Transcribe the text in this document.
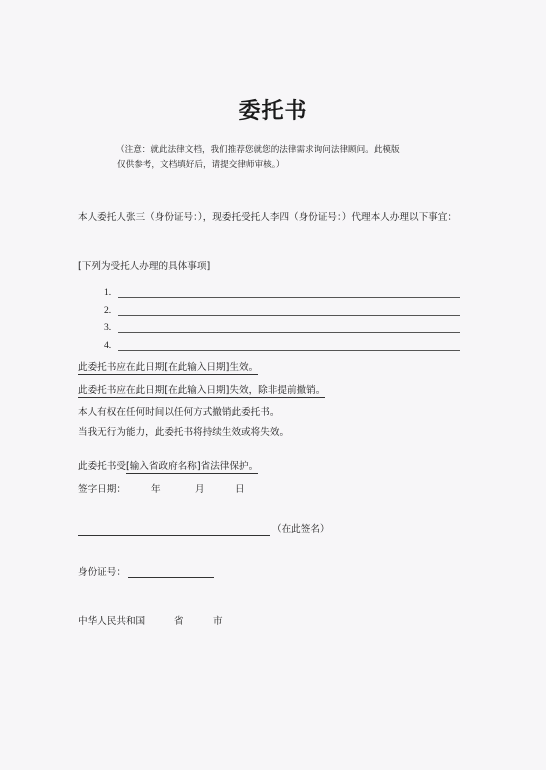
委托书
（注意：就此法律文档，我们推荐您就您的法律需求询问法律顾问。此模版
仅供参考，文档填好后，请提交律师审核。）
本人委托人张三（身份证号：），现委托受托人李四（身份证号：）代理本人办理以下事宜：
[下列为受托人办理的具体事项]
1.
2.
3.
4.
此委托书应在此日期[在此输入日期]生效。
此委托书应在此日期[在此输入日期]失效，除非提前撤销。
本人有权在任何时间以任何方式撤销此委托书。
当我无行为能力，此委托书将持续生效或将失效。
此委托书受[输入省政府名称]省法律保护。
签字日期：	年	月	日
（在此签名）
身份证号：
中华人民共和国	省	市
